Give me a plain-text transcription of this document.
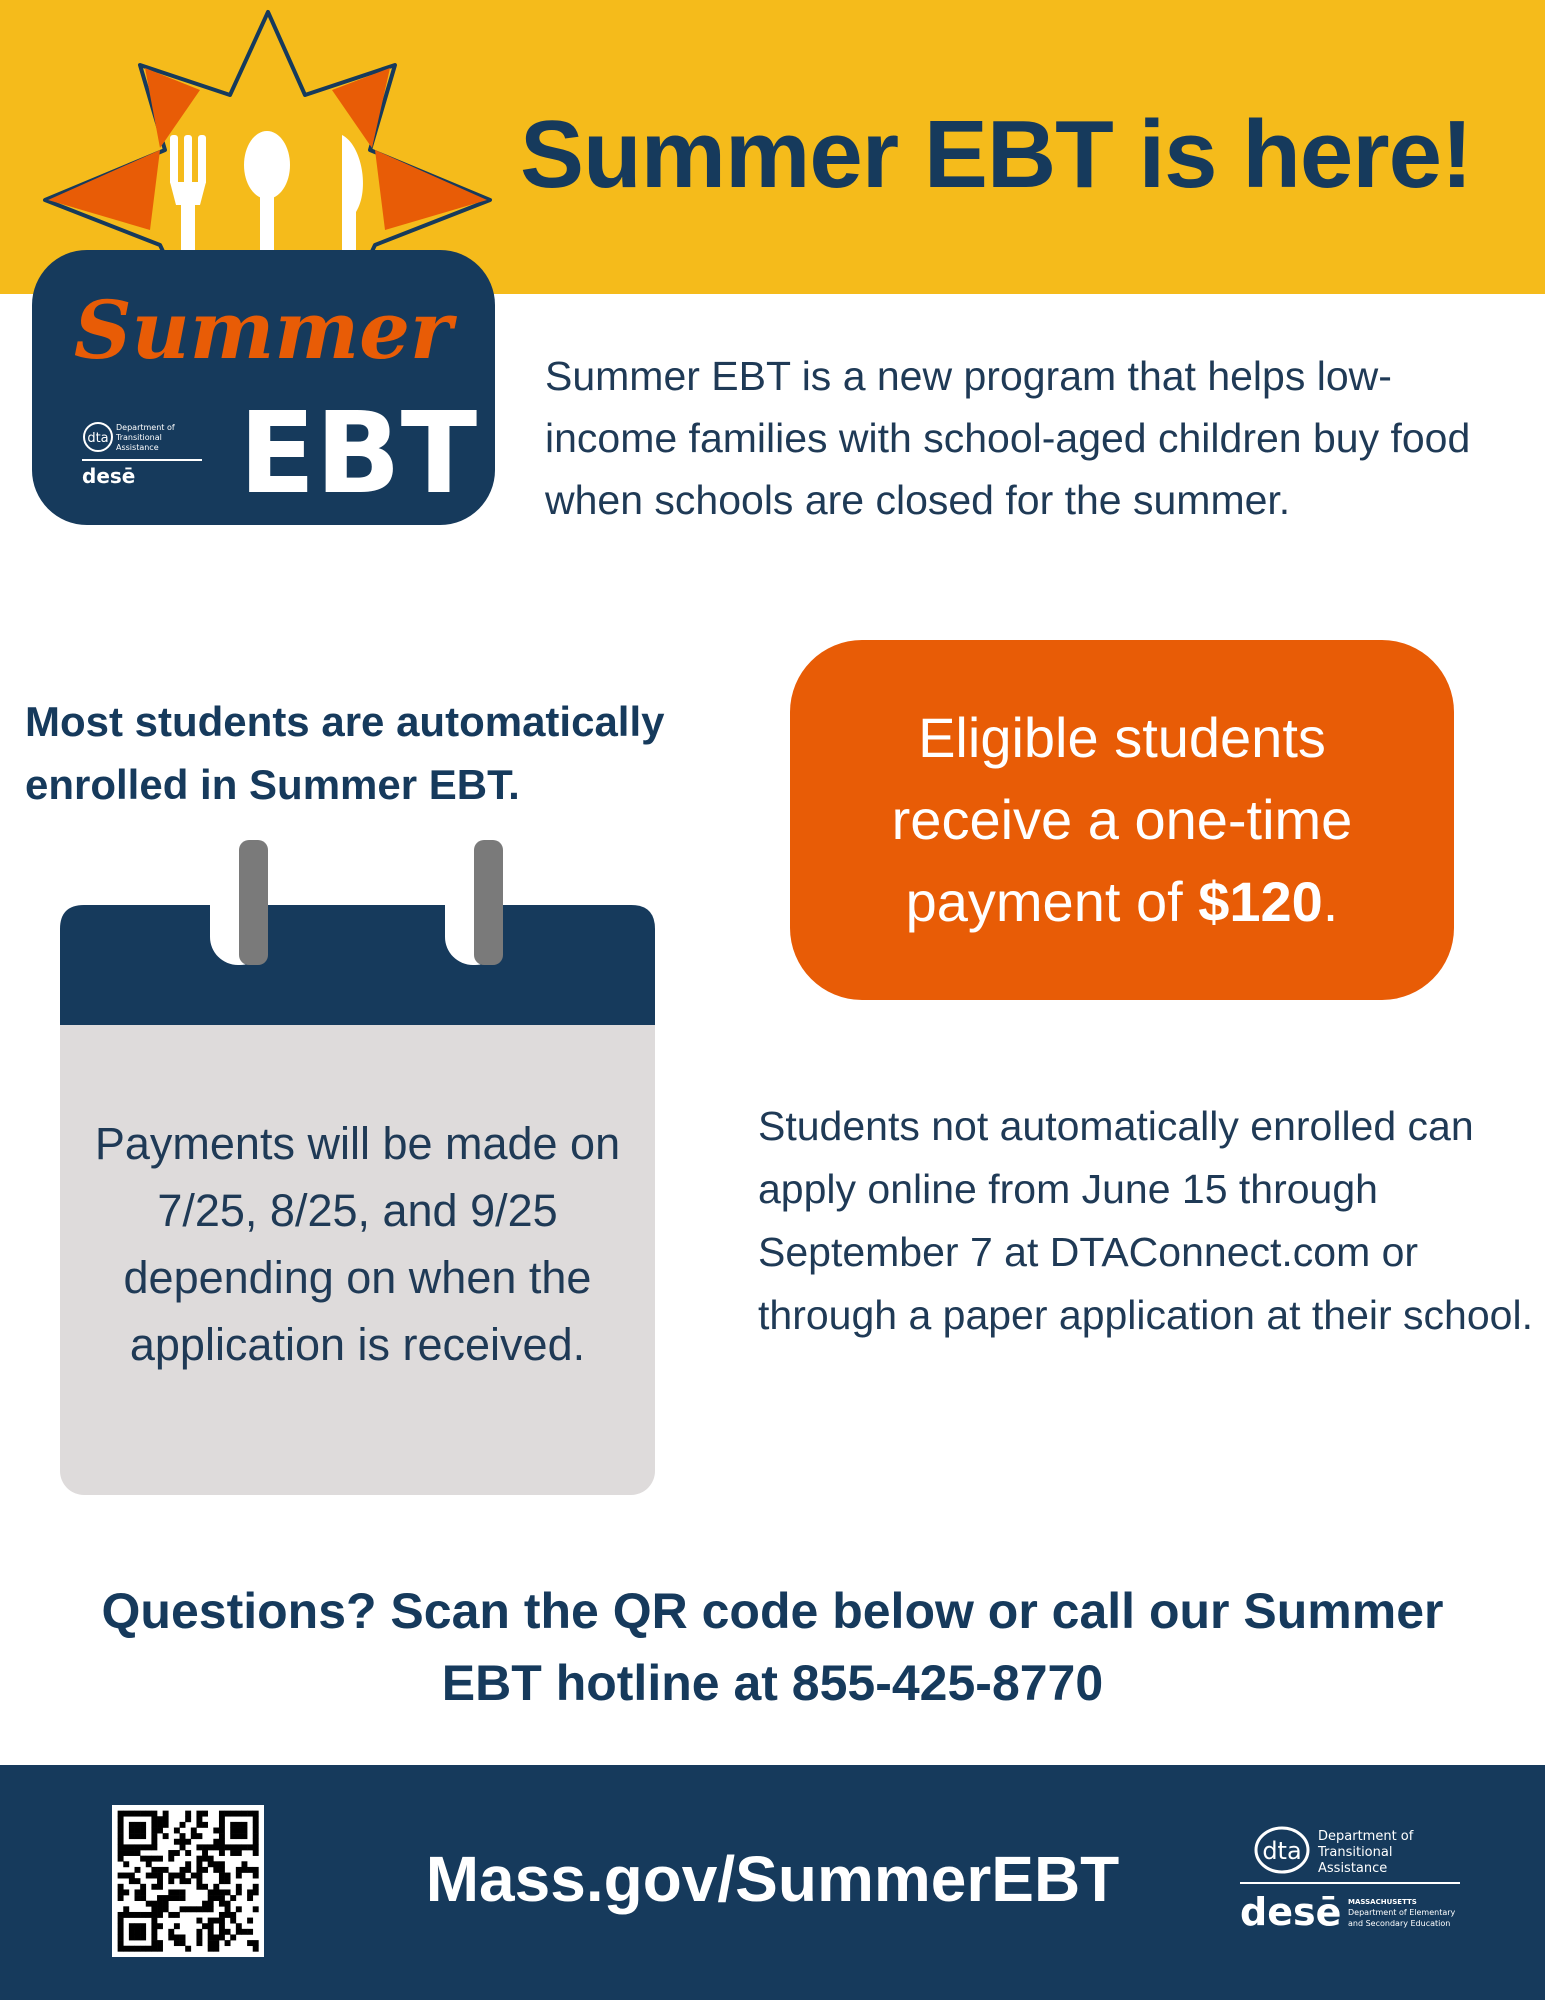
Summer EBT is here!
Summer
EBT
dta
Department of
Transitional
Assistance
desē

Summer EBT is a new program that helps low-income families with school-aged children buy food when schools are closed for the summer.

Most students are automatically
enrolled in Summer EBT.

Eligible students
receive a one-time
payment of $120.

Payments will be made on 7/25, 8/25, and 9/25 depending on when the application is received.

Students not automatically enrolled can apply online from June 15 through September 7 at DTAConnect.com or through a paper application at their school.

Questions? Scan the QR code below or call our Summer
EBT hotline at 855-425-8770

Mass.gov/SummerEBT	dta
Department of
Transitional
Assistance
desē MASSACHUSETTS
Department of Elementary
and Secondary Education
